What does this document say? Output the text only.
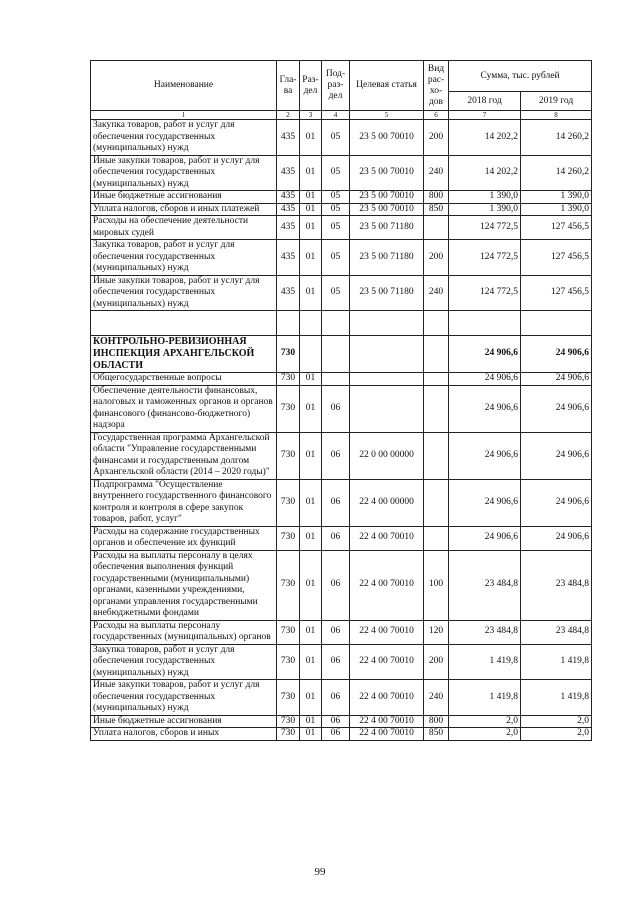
Наименование	Гла-ва	Раз-дел	Под-раз-дел	Целевая статья	Вид рас-хо-дов	Сумма, тыс. рублей	
						2018 год	2019 год
1	2	3	4	5	6	7	8
Закупка товаров, работ и услуг для обеспечения государственных (муниципальных) нужд	435	01	05	23 5 00 70010	200	14 202,2	14 260,2
Иные закупки товаров, работ и услуг для обеспечения государственных (муниципальных) нужд	435	01	05	23 5 00 70010	240	14 202,2	14 260,2
Иные бюджетные ассигнования	435	01	05	23 5 00 70010	800	1 390,0	1 390,0
Уплата налогов, сборов и иных платежей	435	01	05	23 5 00 70010	850	1 390,0	1 390,0
Расходы на обеспечение деятельности мировых судей	435	01	05	23 5 00 71180		124 772,5	127 456,5
Закупка товаров, работ и услуг для обеспечения государственных (муниципальных) нужд	435	01	05	23 5 00 71180	200	124 772,5	127 456,5
Иные закупки товаров, работ и услуг для обеспечения государственных (муниципальных) нужд	435	01	05	23 5 00 71180	240	124 772,5	127 456,5

КОНТРОЛЬНО-РЕВИЗИОННАЯ ИНСПЕКЦИЯ АРХАНГЕЛЬСКОЙ ОБЛАСТИ	730					24 906,6	24 906,6
Общегосударственные вопросы	730	01				24 906,6	24 906,6
Обеспечение деятельности финансовых, налоговых и таможенных органов и органов финансового (финансово-бюджетного) надзора	730	01	06			24 906,6	24 906,6
Государственная программа Архангельской области "Управление государственными финансами и государственным долгом Архангельской области (2014 – 2020 годы)"	730	01	06	22 0 00 00000		24 906,6	24 906,6
Подпрограмма "Осуществление внутреннего государственного финансового контроля и контроля в сфере закупок товаров, работ, услуг"	730	01	06	22 4 00 00000		24 906,6	24 906,6
Расходы на содержание государственных органов и обеспечение их функций	730	01	06	22 4 00 70010		24 906,6	24 906,6
Расходы на выплаты персоналу в целях обеспечения выполнения функций государственными (муниципальными) органами, казенными учреждениями, органами управления государственными внебюджетными фондами	730	01	06	22 4 00 70010	100	23 484,8	23 484,8
Расходы на выплаты персоналу государственных (муниципальных) органов	730	01	06	22 4 00 70010	120	23 484,8	23 484,8
Закупка товаров, работ и услуг для обеспечения государственных (муниципальных) нужд	730	01	06	22 4 00 70010	200	1 419,8	1 419,8
Иные закупки товаров, работ и услуг для обеспечения государственных (муниципальных) нужд	730	01	06	22 4 00 70010	240	1 419,8	1 419,8
Иные бюджетные ассигнования	730	01	06	22 4 00 70010	800	2,0	2,0
Уплата налогов, сборов и иных	730	01	06	22 4 00 70010	850	2,0	2,0
99
